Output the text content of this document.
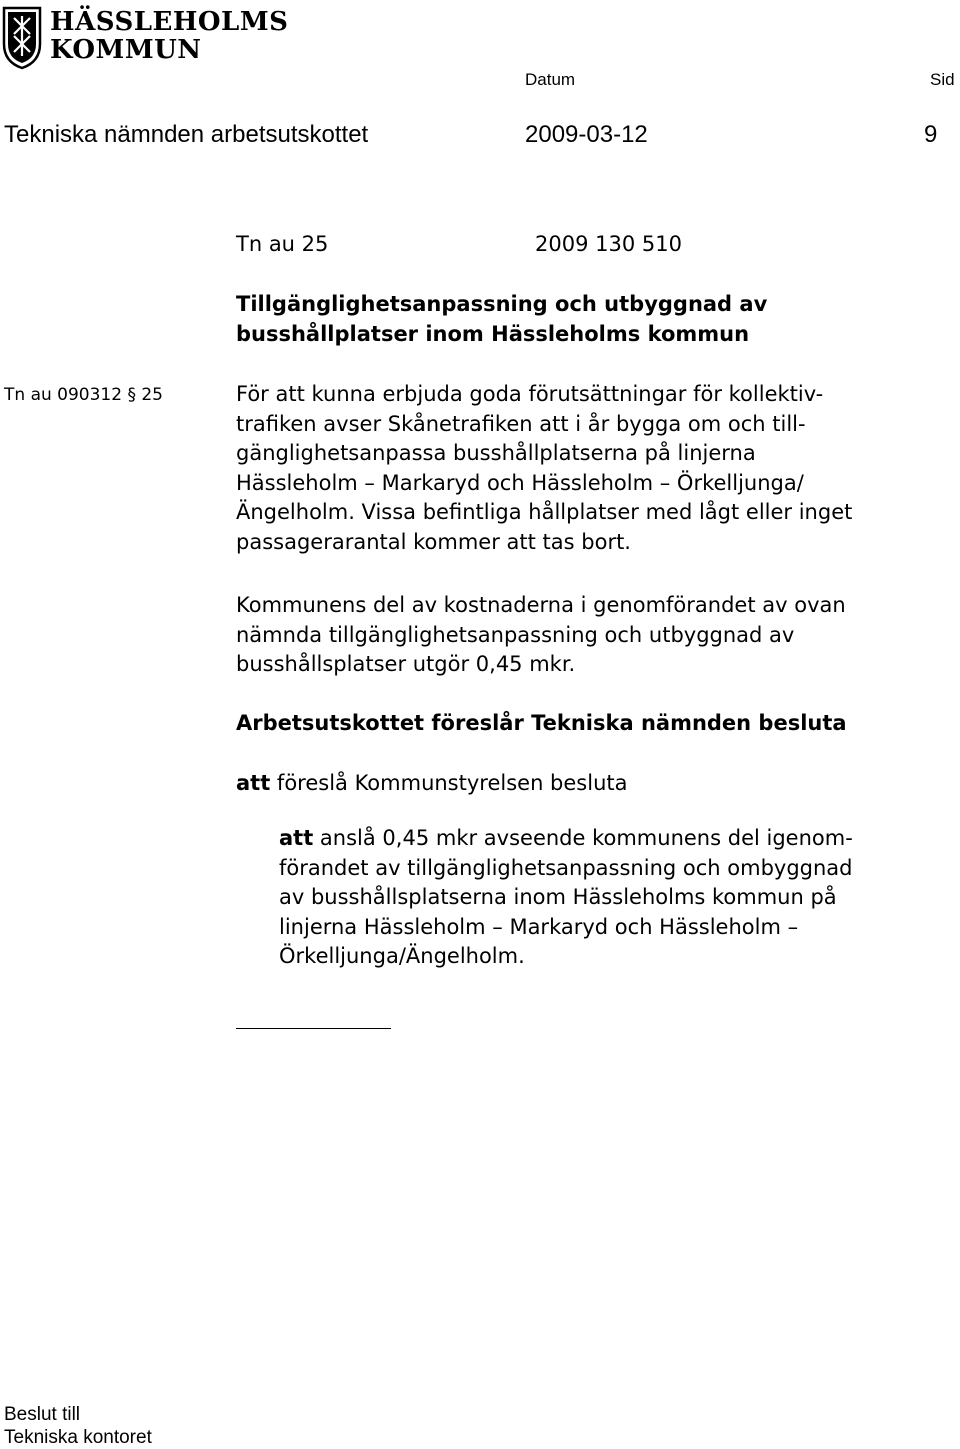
HÄSSLEHOLMS
KOMMUN
Datum	Sid
Tekniska nämnden arbetsutskottet	2009-03-12	9
Tn au 25	2009 130 510
Tillgänglighetsanpassning och utbyggnad av
busshållplatser inom Hässleholms kommun
Tn au 090312 § 25	För att kunna erbjuda goda förutsättningar för kollektiv-
trafiken avser Skånetrafiken att i år bygga om och till-
gänglighetsanpassa busshållplatserna på linjerna
Hässleholm – Markaryd och Hässleholm – Örkelljunga/
Ängelholm. Vissa befintliga hållplatser med lågt eller inget
passagerarantal kommer att tas bort.
Kommunens del av kostnaderna i genomförandet av ovan
nämnda tillgänglighetsanpassning och utbyggnad av
busshållsplatser utgör 0,45 mkr.
Arbetsutskottet föreslår Tekniska nämnden besluta
att föreslå Kommunstyrelsen besluta
att anslå 0,45 mkr avseende kommunens del igenom-
förandet av tillgänglighetsanpassning och ombyggnad
av busshållsplatserna inom Hässleholms kommun på
linjerna Hässleholm – Markaryd och Hässleholm –
Örkelljunga/Ängelholm.
Beslut till
Tekniska kontoret
